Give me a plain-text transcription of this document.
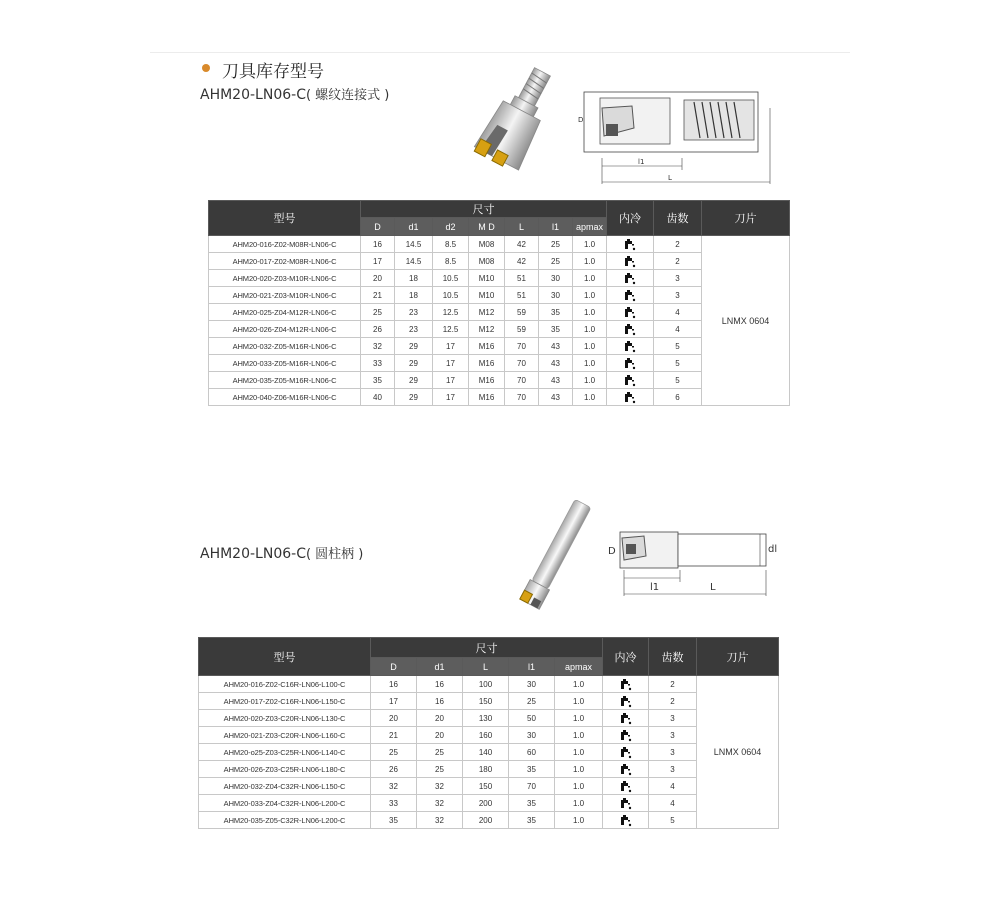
刀具库存型号
AHM20-LN06-C( 螺纹连接式 )
D
l1
L
型号	尺寸							内冷	齿数	刀片
	D	d1	d2	M D	L	l1	apmax			
AHM20-016-Z02-M08R-LN06-C	16	14.5	8.5	M08	42	25	1.0		2	LNMX 0604
AHM20-017-Z02-M08R-LN06-C	17	14.5	8.5	M08	42	25	1.0		2	
AHM20-020-Z03-M10R-LN06-C	20	18	10.5	M10	51	30	1.0		3	
AHM20-021-Z03-M10R-LN06-C	21	18	10.5	M10	51	30	1.0		3	
AHM20-025-Z04-M12R-LN06-C	25	23	12.5	M12	59	35	1.0		4	
AHM20-026-Z04-M12R-LN06-C	26	23	12.5	M12	59	35	1.0		4	
AHM20-032-Z05-M16R-LN06-C	32	29	17	M16	70	43	1.0		5	
AHM20-033-Z05-M16R-LN06-C	33	29	17	M16	70	43	1.0		5	
AHM20-035-Z05-M16R-LN06-C	35	29	17	M16	70	43	1.0		5	
AHM20-040-Z06-M16R-LN06-C	40	29	17	M16	70	43	1.0		6	
AHM20-LN06-C( 圆柱柄 )	D	dl
l1	L
型号	尺寸					内冷	齿数	刀片
	D	d1	L	l1	apmax			
AHM20-016-Z02-C16R-LN06-L100-C	16	16	100	30	1.0		2	LNMX 0604
AHM20-017-Z02-C16R-LN06-L150-C	17	16	150	25	1.0		2	
AHM20-020-Z03-C20R-LN06-L130-C	20	20	130	50	1.0		3	
AHM20-021-Z03-C20R-LN06-L160-C	21	20	160	30	1.0		3	
AHM20-o25-Z03-C25R-LN06-L140-C	25	25	140	60	1.0		3	
AHM20-026-Z03-C25R-LN06-L180-C	26	25	180	35	1.0		3	
AHM20-032-Z04-C32R-LN06-L150-C	32	32	150	70	1.0		4	
AHM20-033-Z04-C32R-LN06-L200-C	33	32	200	35	1.0		4	
AHM20-035-Z05-C32R-LN06-L200-C	35	32	200	35	1.0		5	
